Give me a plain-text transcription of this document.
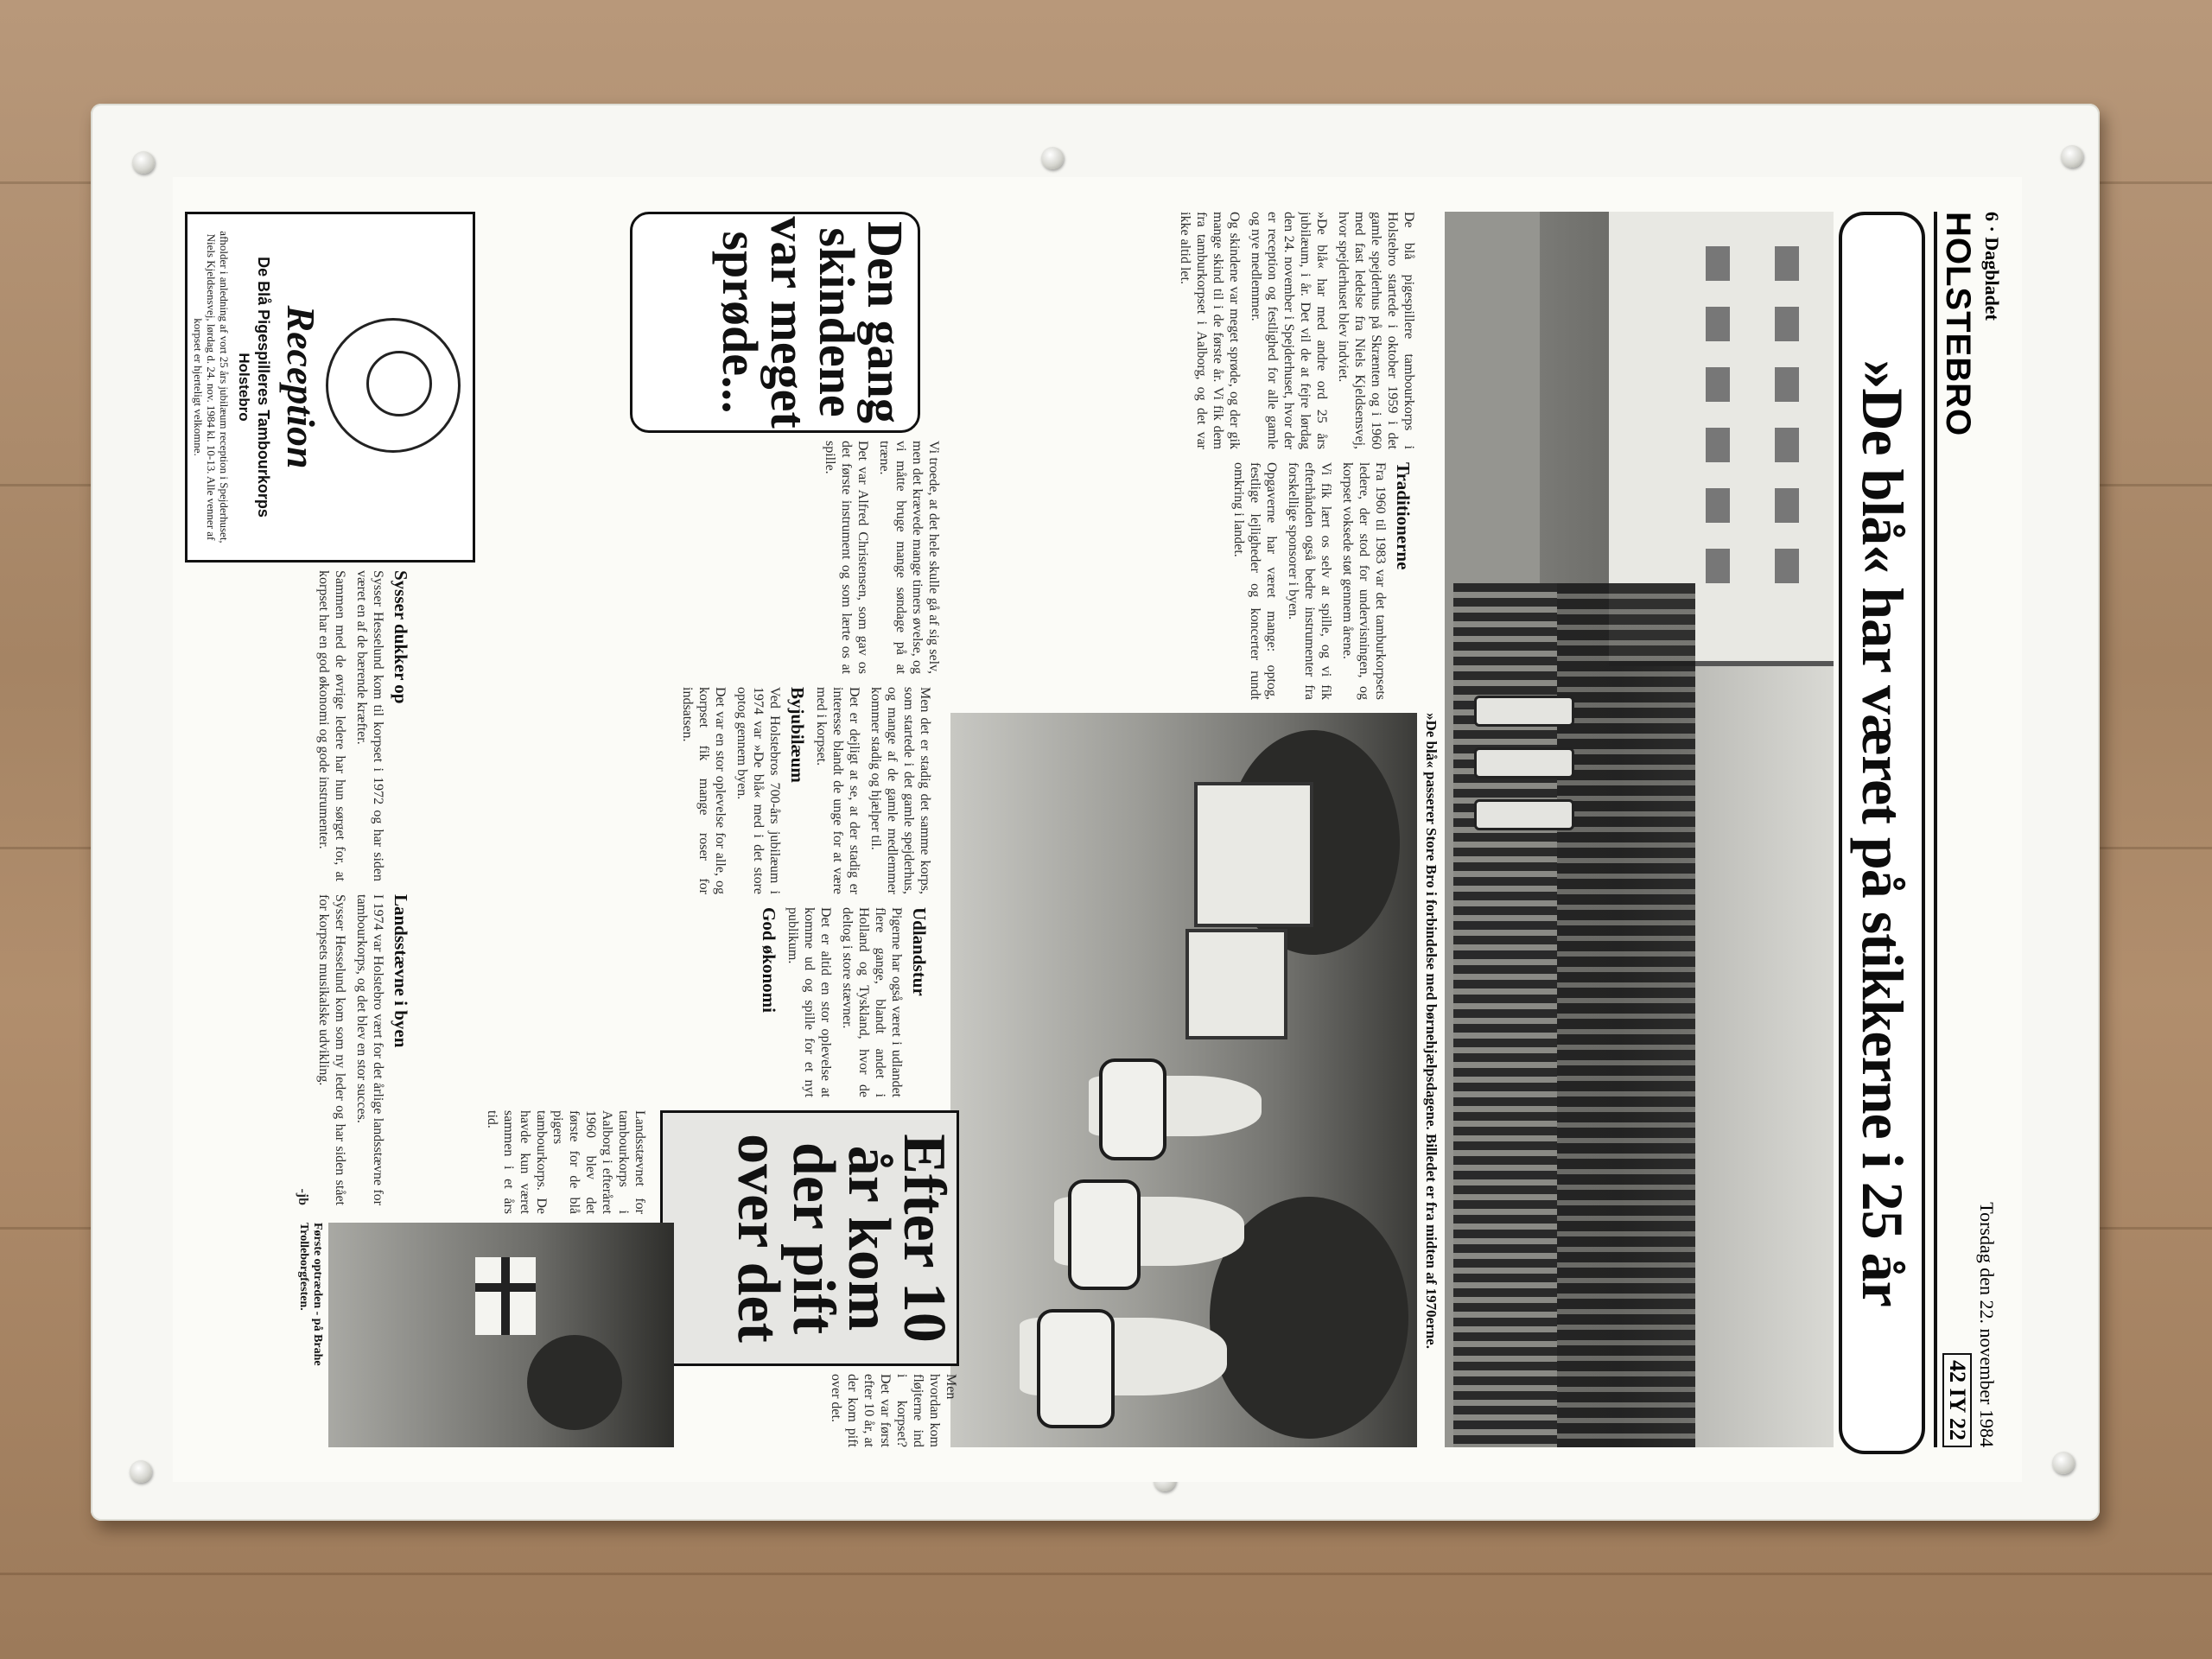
6 · Dagbladet
HOLSTEBRO
Torsdag den 22. november 1984
42 IY 22
»De blå« har været på stikkerne i 25 år
»De blå« passerer Store Bro i forbindelse med børnehjælpsdagene. Billedet er fra midten af 1970erne.
Den gang skindene var meget sprøde...	De blå pigespillere tambourkorps i Holstebro startede i oktober 1959 i det gamle spejderhus på Skrænten og i 1960 med fast ledelse fra Niels Kjeldsensvej, hvor spejderhuset blev indviet.

»De blå« har med andre ord 25 års jubilæum, i år. Det vil de at fejre lørdag den 24. november i Spejderhuset, hvor der er reception og festlighed for alle gamle og nye medlemmer.

Og skindene var meget sprøde, og der gik mange skind til i de første år. Vi fik dem fra tamburkorpset i Aalborg, og det var ikke altid let.

Vi troede, at det hele skulle gå af sig selv, men det krævede mange timers øvelse, og vi måtte bruge mange søndage på at træne.

Det var Alfred Christensen, som gav os det første instrument og som lærte os at spille.

Traditionerne

Fra 1960 til 1983 var det tamburkorpsets ledere, der stod for undervisningen, og korpset voksede støt gennem årene.

Vi fik lært os selv at spille, og vi fik efterhånden også bedre instrumenter fra forskellige sponsorer i byen.

Opgaverne har været mange: optog, festlige lejligheder og koncerter rundt omkring i landet.

Men det er stadig det samme korps, som startede i det gamle spejderhus, og mange af de gamle medlemmer kommer stadig og hjælper til.

Det er dejligt at se, at der stadig er interesse blandt de unge for at være med i korpset.

Byjubilæum

Ved Holstebros 700-års jubilæum i 1974 var »De blå« med i det store optog gennem byen.

Det var en stor oplevelse for alle, og korpset fik mange roser for indsatsen.

Udlandstur

Pigerne har også været i udlandet flere gange, blandt andet i Holland og Tyskland, hvor de deltog i store stævner.

Det er altid en stor oplevelse at komme ud og spille for et nyt publikum.

God økonomi
Efter 10 år kom der pift over det

Landsstævnet for tambourkorps i Aalborg i efteråret 1960 blev det første for de blå pigers tambourkorps. De havde kun været sammen i et års tid.

Men hvordan kom fløjterne ind i korpset? Det var først efter 10 år, at der kom pift over det.

Første optræden - på Brahe Trolleborgfesten.
Sysser dukker op

Sysser Hesselund kom til korpset i 1972 og har siden været en af de bærende kræfter.

Sammen med de øvrige ledere har hun sørget for, at korpset har en god økonomi og gode instrumenter.

Landsstævne i byen

I 1974 var Holstebro vært for det årlige landsstævne for tambourkorps, og det blev en stor succes.

Sysser Hesselund kom som ny leder og har siden stået for korpsets musikalske udvikling.

-jb
Reception
De Blå Pigespilleres Tambourkorps
Holstebro
afholder i anledning af vort 25 års jubilæum reception i Spejderhuset, Niels Kjeldsensvej, lørdag d. 24. nov. 1984 kl. 10-13. Alle venner af korpset er hjerteligt velkomne.
